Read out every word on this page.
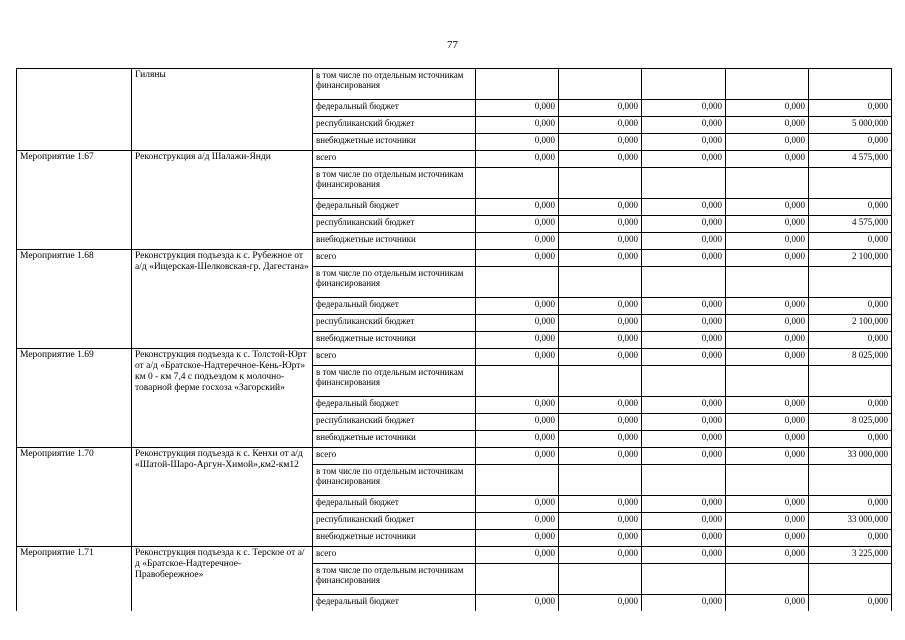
77
	Гиляны	в том числе по отдельным источникам финансирования					
		федеральный бюджет	0,000	0,000	0,000	0,000	0,000
		республиканский бюджет	0,000	0,000	0,000	0,000	5 000,000
		внебюджетные источники	0,000	0,000	0,000	0,000	0,000
Мероприятие 1.67	Реконструкция а/д Шалажи-Янди	всего	0,000	0,000	0,000	0,000	4 575,000
		в том числе по отдельным источникам финансирования					
		федеральный бюджет	0,000	0,000	0,000	0,000	0,000
		республиканский бюджет	0,000	0,000	0,000	0,000	4 575,000
		внебюджетные источники	0,000	0,000	0,000	0,000	0,000
Мероприятие 1.68	Реконструкция подъезда к с. Рубежное от а/д «Ищерская-Шелковская-гр. Дагестана»	всего	0,000	0,000	0,000	0,000	2 100,000
		в том числе по отдельным источникам финансирования					
		федеральный бюджет	0,000	0,000	0,000	0,000	0,000
		республиканский бюджет	0,000	0,000	0,000	0,000	2 100,000
		внебюджетные источники	0,000	0,000	0,000	0,000	0,000
Мероприятие 1.69	Реконструкция подъезда к с. Толстой-Юрт от а/д «Братское-Надтеречное-Кень-Юрт» км 0 - км 7,4 с подъездом к молочно-товарной ферме госхоза «Загорский»	всего	0,000	0,000	0,000	0,000	8 025,000
		в том числе по отдельным источникам финансирования					
		федеральный бюджет	0,000	0,000	0,000	0,000	0,000
		республиканский бюджет	0,000	0,000	0,000	0,000	8 025,000
		внебюджетные источники	0,000	0,000	0,000	0,000	0,000
Мероприятие 1.70	Реконструкция подъезда к с. Кенхи от а/д «Шатой-Шаро-Аргун-Химой»,км2-км12	всего	0,000	0,000	0,000	0,000	33 000,000
		в том числе по отдельным источникам финансирования					
		федеральный бюджет	0,000	0,000	0,000	0,000	0,000
		республиканский бюджет	0,000	0,000	0,000	0,000	33 000,000
		внебюджетные источники	0,000	0,000	0,000	0,000	0,000
Мероприятие 1.71	Реконструкция подъезда к с. Терское от а/д «Братское-Надтеречное-Правобережное»	всего	0,000	0,000	0,000	0,000	3 225,000
		в том числе по отдельным источникам финансирования					
		федеральный бюджет	0,000	0,000	0,000	0,000	0,000
